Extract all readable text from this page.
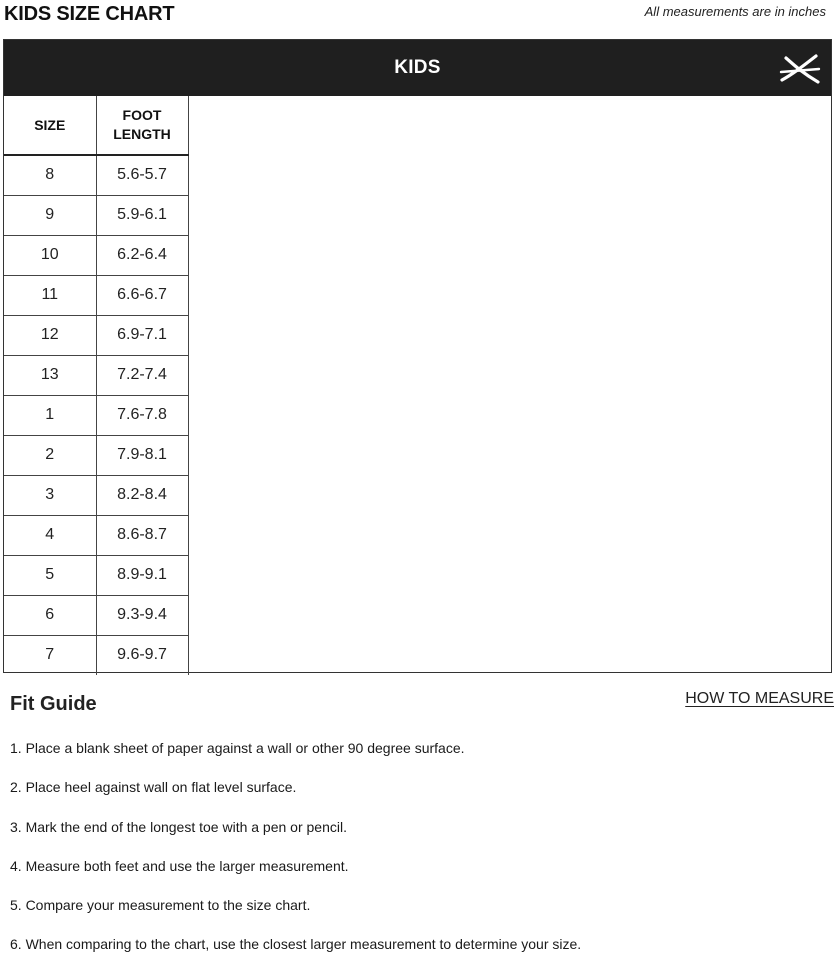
KIDS SIZE CHART	All measurements are in inches
KIDS
SIZE	FOOT LENGTH	
8	5.6-5.7	
9	5.9-6.1	
10	6.2-6.4	
11	6.6-6.7	
12	6.9-7.1	
13	7.2-7.4	
1	7.6-7.8	
2	7.9-8.1	
3	8.2-8.4	
4	8.6-8.7	
5	8.9-9.1	
6	9.3-9.4	
7	9.6-9.7	
Fit Guide	HOW TO MEASURE
1. Place a blank sheet of paper against a wall or other 90 degree surface.
2. Place heel against wall on flat level surface.
3. Mark the end of the longest toe with a pen or pencil.
4. Measure both feet and use the larger measurement.
5. Compare your measurement to the size chart.
6. When comparing to the chart, use the closest larger measurement to determine your size.
